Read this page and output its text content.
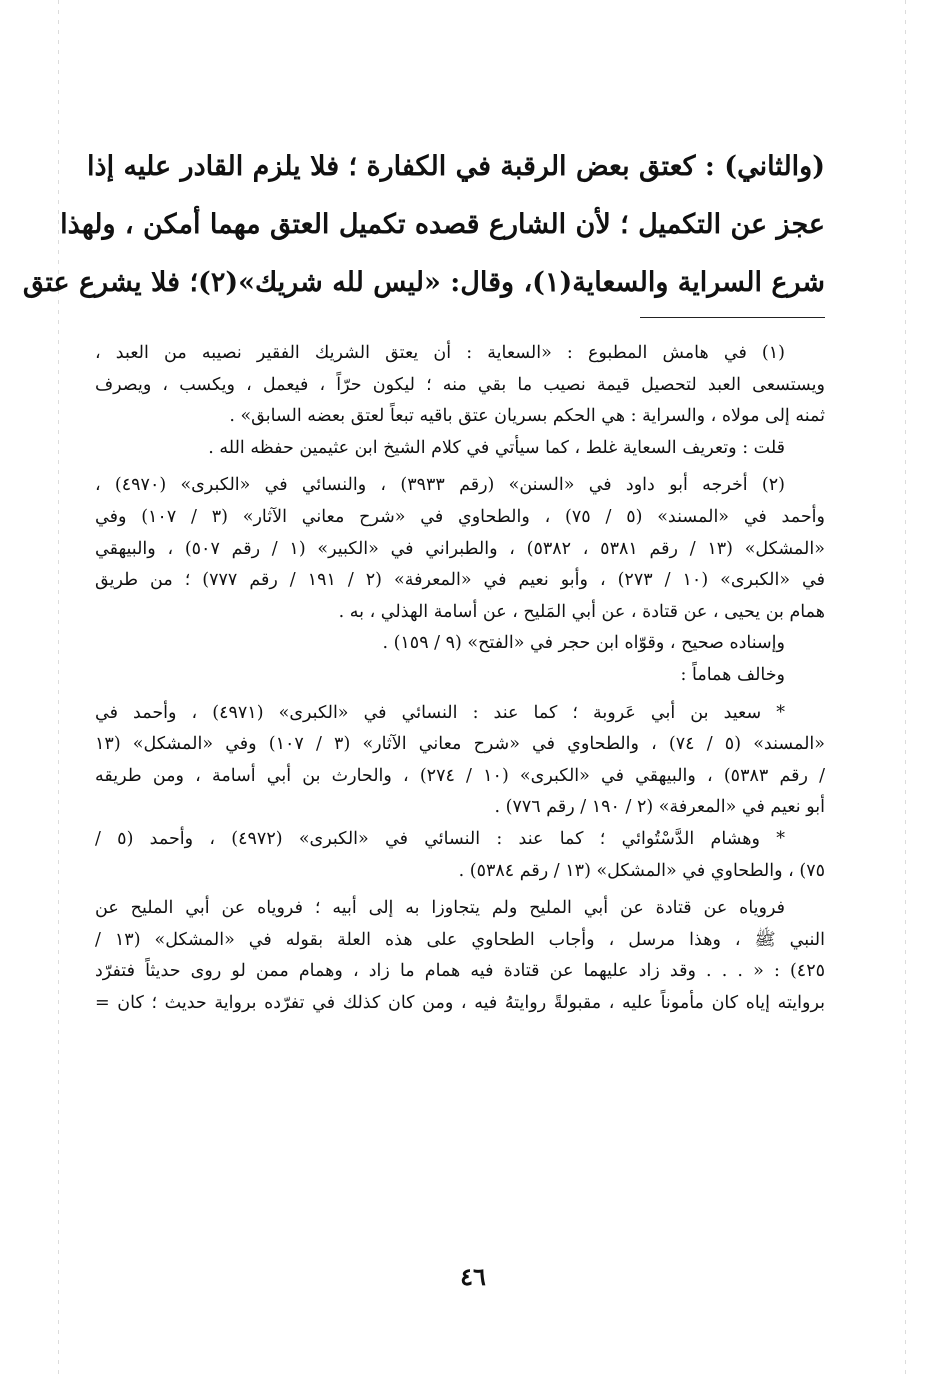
(والثاني) : كعتق بعض الرقبة في الكفارة ؛ فلا يلزم القادر عليه إذا

عجز عن التكميل ؛ لأن الشارع قصده تكميل العتق مهما أمكن ، ولهذا

شرع السراية والسعاية(١)، وقال: «ليس لله شريك»(٢)؛ فلا يشرع عتق

(١) في هامش المطبوع : «السعاية : أن يعتق الشريك الفقير نصيبه من العبد ،

ويستسعى العبد لتحصيل قيمة نصيب ما بقي منه ؛ ليكون حرّاً ، فيعمل ، ويكسب ، ويصرف

ثمنه إلى مولاه ، والسراية : هي الحكم بسريان عتق باقيه تبعاً لعتق بعضه السابق» .

قلت : وتعريف السعاية غلط ، كما سيأتي في كلام الشيخ ابن عثيمين حفظه الله .

(٢) أخرجه أبو داود في «السنن» (رقم ٣٩٣٣) ، والنسائي في «الكبرى» (٤٩٧٠) ،

وأحمد في «المسند» (٥ / ٧٥) ، والطحاوي في «شرح معاني الآثار» (٣ / ١٠٧) وفي

«المشكل» (١٣ / رقم ٥٣٨١ ، ٥٣٨٢) ، والطبراني في «الكبير» (١ / رقم ٥٠٧) ، والبيهقي

في «الكبرى» (١٠ / ٢٧٣) ، وأبو نعيم في «المعرفة» (٢ / ١٩١ / رقم ٧٧٧) ؛ من طريق

همام بن يحيى ، عن قتادة ، عن أبي المَليح ، عن أسامة الهذلي ، به .

وإسناده صحيح ، وقوّاه ابن حجر في «الفتح» (٩ / ١٥٩) .

وخالف هماماً :

* سعيد بن أبي عَروبة ؛ كما عند : النسائي في «الكبرى» (٤٩٧١) ، وأحمد في

«المسند» (٥ / ٧٤) ، والطحاوي في «شرح معاني الآثار» (٣ / ١٠٧) وفي «المشكل» (١٣

/ رقم ٥٣٨٣) ، والبيهقي في «الكبرى» (١٠ / ٢٧٤) ، والحارث بن أبي أسامة ، ومن طريقه

أبو نعيم في «المعرفة» (٢ / ١٩٠ / رقم ٧٧٦) .

* وهشام الدَّسْتُوائي ؛ كما عند : النسائي في «الكبرى» (٤٩٧٢) ، وأحمد (٥ /

٧٥) ، والطحاوي في «المشكل» (١٣ / رقم ٥٣٨٤) .

فروياه عن قتادة عن أبي المليح ولم يتجاوزا به إلى أبيه ؛ فروياه عن أبي المليح عن

النبي ﷺ ، وهذا مرسل ، وأجاب الطحاوي على هذه العلة بقوله في «المشكل» (١٣ /

٤٢٥) : « . . . وقد زاد عليهما عن قتادة فيه همام ما زاد ، وهمام ممن لو روى حديثاً فتفرّد

بروايته إياه كان مأموناً عليه ، مقبولةً روايتهُ فيه ، ومن كان كذلك في تفرّده برواية حديث ؛ كان =

٤٦
